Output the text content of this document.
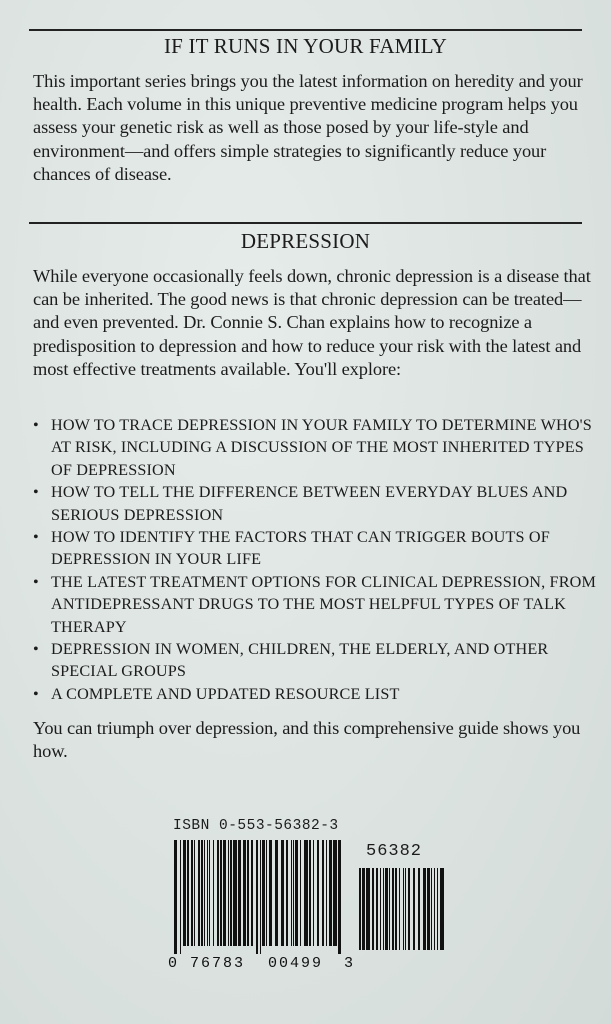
IF IT RUNS IN YOUR FAMILY
This important series brings you the latest information on heredity and your health. Each volume in this unique preventive medicine program helps you assess your genetic risk as well as those posed by your life-style and environment—and offers simple strategies to significantly reduce your chances of disease.
DEPRESSION
While everyone occasionally feels down, chronic depression is a disease that can be inherited. The good news is that chronic depression can be treated—and even prevented. Dr. Connie S. Chan explains how to recognize a predisposition to depression and how to reduce your risk with the latest and most effective treatments available. You'll explore:
• HOW TO TRACE DEPRESSION IN YOUR FAMILY TO DETERMINE WHO'S AT RISK, INCLUDING A DISCUSSION OF THE MOST INHERITED TYPES OF DEPRESSION
• HOW TO TELL THE DIFFERENCE BETWEEN EVERYDAY BLUES AND SERIOUS DEPRESSION
• HOW TO IDENTIFY THE FACTORS THAT CAN TRIGGER BOUTS OF DEPRESSION IN YOUR LIFE
• THE LATEST TREATMENT OPTIONS FOR CLINICAL DEPRESSION, FROM ANTIDEPRESSANT DRUGS TO THE MOST HELPFUL TYPES OF TALK THERAPY
• DEPRESSION IN WOMEN, CHILDREN, THE ELDERLY, AND OTHER SPECIAL GROUPS
• A COMPLETE AND UPDATED RESOURCE LIST
You can triumph over depression, and this comprehensive guide shows you how.
ISBN 0-553-56382-3
0 76783 00499 3
56382
